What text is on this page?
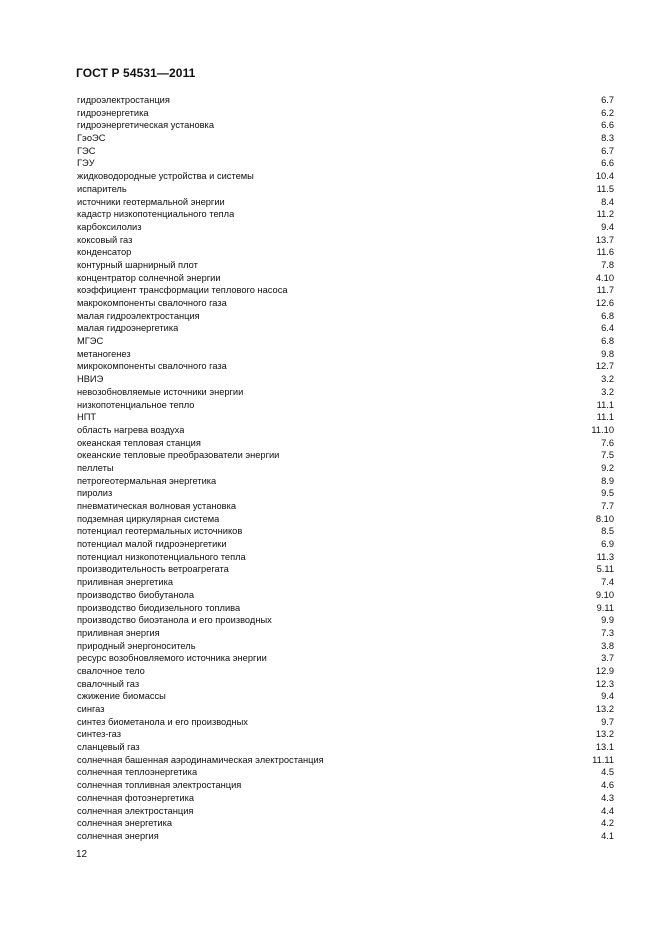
ГОСТ Р 54531—2011
гидроэлектростанция	6.7
гидроэнергетика	6.2
гидроэнергетическая установка	6.6
ГэоЭС	8.3
ГЭС	6.7
ГЭУ	6.6
жидководородные устройства и системы	10.4
испаритель	11.5
источники геотермальной энергии	8.4
кадастр низкопотенциального тепла	11.2
карбоксилолиз	9.4
коксовый газ	13.7
конденсатор	11.6
контурный шарнирный плот	7.8
концентратор солнечной энергии	4.10
коэффициент трансформации теплового насоса	11.7
макрокомпоненты свалочного газа	12.6
малая гидроэлектростанция	6.8
малая гидроэнергетика	6.4
МГЭС	6.8
метаногенез	9.8
микрокомпоненты свалочного газа	12.7
НВИЭ	3.2
невозобновляемые источники энергии	3.2
низкопотенциальное тепло	11.1
НПТ	11.1
область нагрева воздуха	11.10
океанская тепловая станция	7.6
океанские тепловые преобразователи энергии	7.5
пеллеты	9.2
петрогеотермальная энергетика	8.9
пиролиз	9.5
пневматическая волновая установка	7.7
подземная циркулярная система	8.10
потенциал геотермальных источников	8.5
потенциал малой гидроэнергетики	6.9
потенциал низкопотенциального тепла	11.3
производительность ветроагрегата	5.11
приливная энергетика	7.4
производство биобутанола	9.10
производство биодизельного топлива	9.11
производство биоэтанола и его производных	9.9
приливная энергия	7.3
природный энергоноситель	3.8
ресурс возобновляемого источника энергии	3.7
свалочное тело	12.9
свалочный газ	12.3
сжижение биомассы	9.4
сингаз	13.2
синтез биометанола и его производных	9.7
синтез-газ	13.2
сланцевый газ	13.1
солнечная башенная аэродинамическая электростанция	11.11
солнечная теплоэнергетика	4.5
солнечная топливная электростанция	4.6
солнечная фотоэнергетика	4.3
солнечная электростанция	4.4
солнечная энергетика	4.2
солнечная энергия	4.1
12
